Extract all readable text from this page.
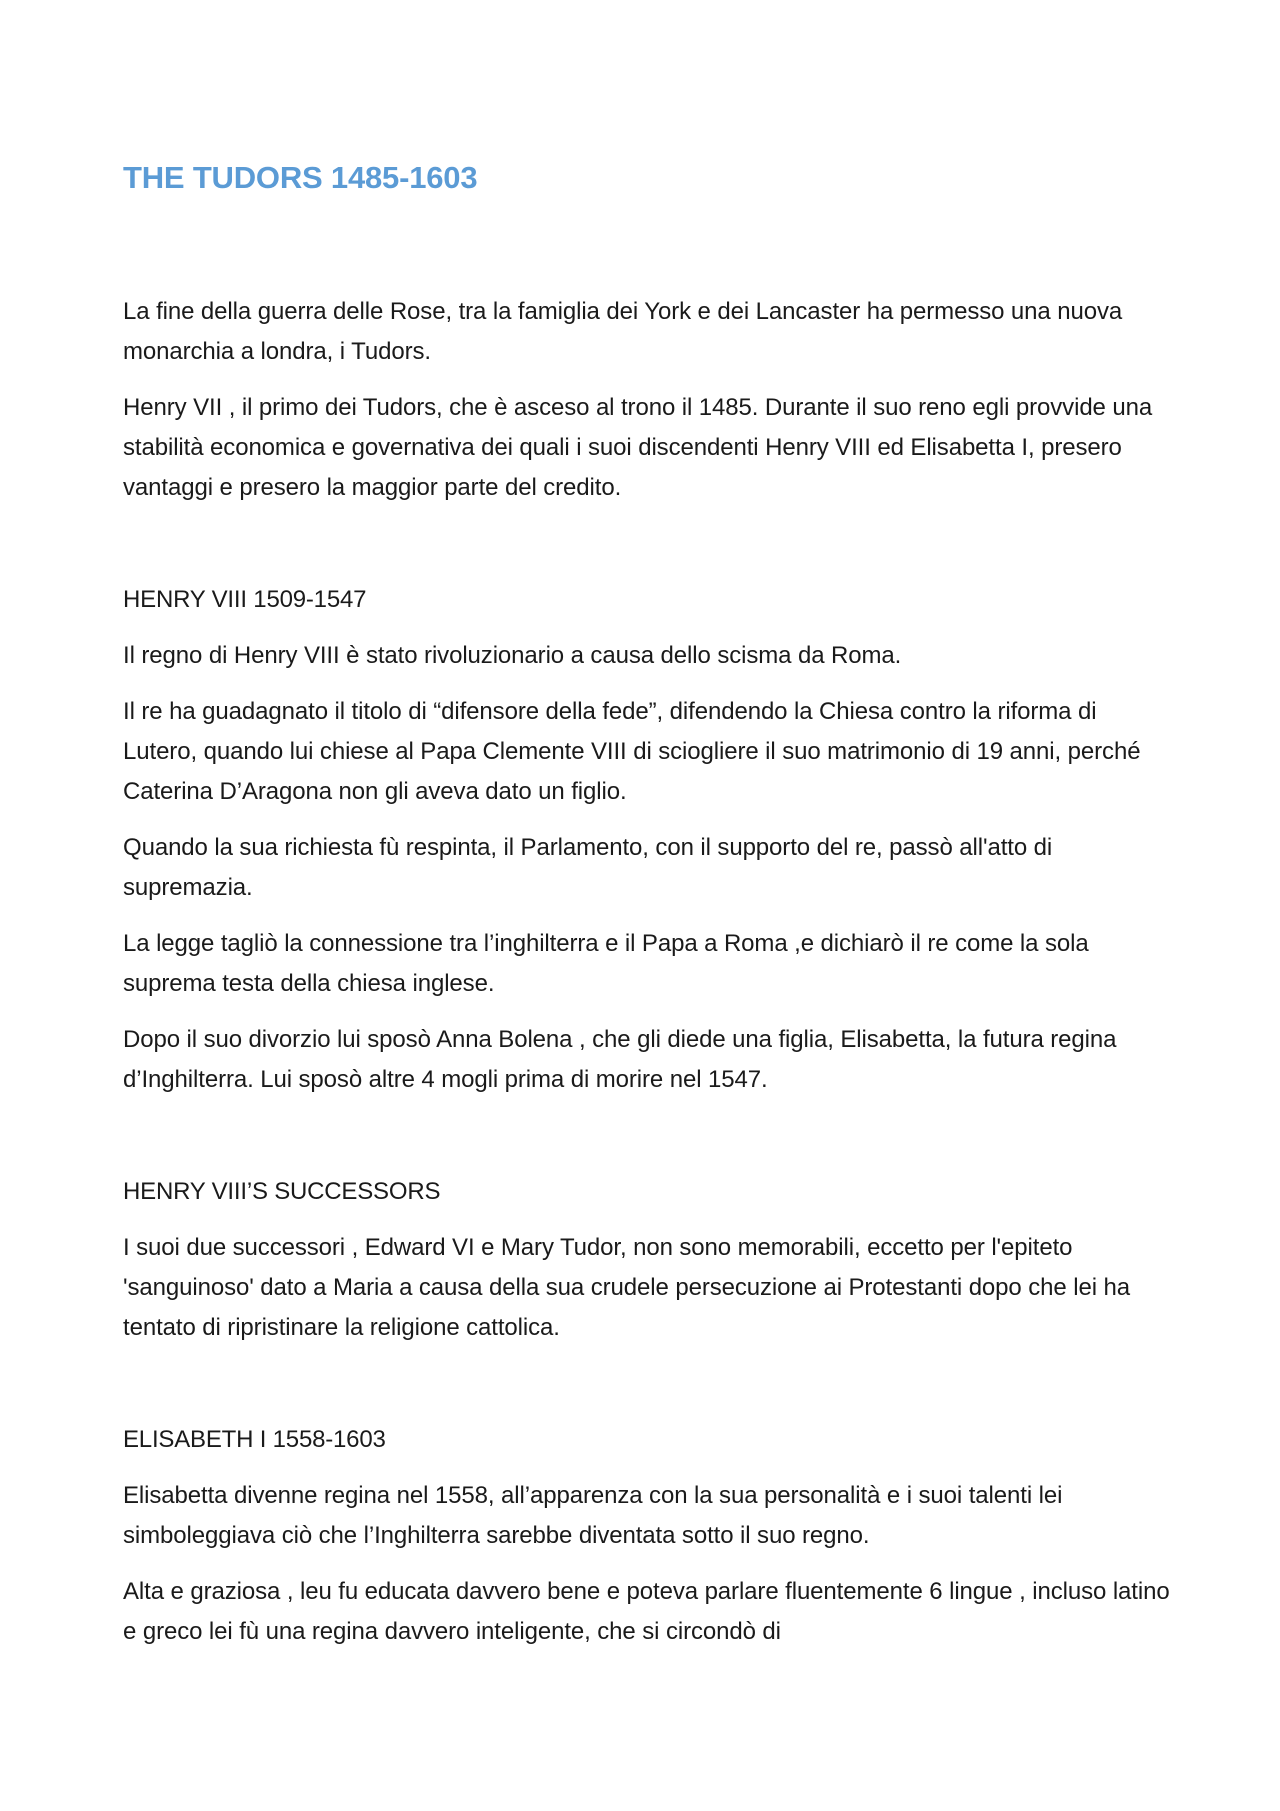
THE TUDORS 1485-1603

La fine della guerra delle Rose, tra la famiglia dei York e dei Lancaster ha permesso una nuova monarchia a londra, i Tudors.

Henry VII , il primo dei Tudors, che è asceso al trono il 1485. Durante il suo reno egli provvide una stabilità economica e governativa dei quali i suoi discendenti Henry VIII ed Elisabetta I, presero vantaggi e presero la maggior parte del credito.

HENRY VIII 1509-1547

Il regno di Henry VIII è stato rivoluzionario a causa dello scisma da Roma.

Il re ha guadagnato il titolo di “difensore della fede”, difendendo la Chiesa contro la riforma di Lutero, quando lui chiese al Papa Clemente VIII di sciogliere il suo matrimonio di 19 anni, perché Caterina D’Aragona non gli aveva dato un figlio.

Quando la sua richiesta fù respinta, il Parlamento, con il supporto del re, passò all'atto di supremazia.

La legge tagliò la connessione tra l’inghilterra e il Papa a Roma ,e dichiarò il re come la sola suprema testa della chiesa inglese.

Dopo il suo divorzio lui sposò Anna Bolena , che gli diede una figlia, Elisabetta, la futura regina d’Inghilterra. Lui sposò altre 4 mogli prima di morire nel 1547.

HENRY VIII’S SUCCESSORS

I suoi due successori , Edward VI e Mary Tudor, non sono memorabili, eccetto per l'epiteto 'sanguinoso' dato a Maria a causa della sua crudele persecuzione ai Protestanti dopo che lei ha tentato di ripristinare la religione cattolica.

ELISABETH I 1558-1603

Elisabetta divenne regina nel 1558, all’apparenza con la sua personalità e i suoi talenti lei simboleggiava ciò che l’Inghilterra sarebbe diventata sotto il suo regno.

Alta e graziosa , leu fu educata davvero bene e poteva parlare fluentemente 6 lingue , incluso latino e greco lei fù una regina davvero inteligente, che si circondò di
